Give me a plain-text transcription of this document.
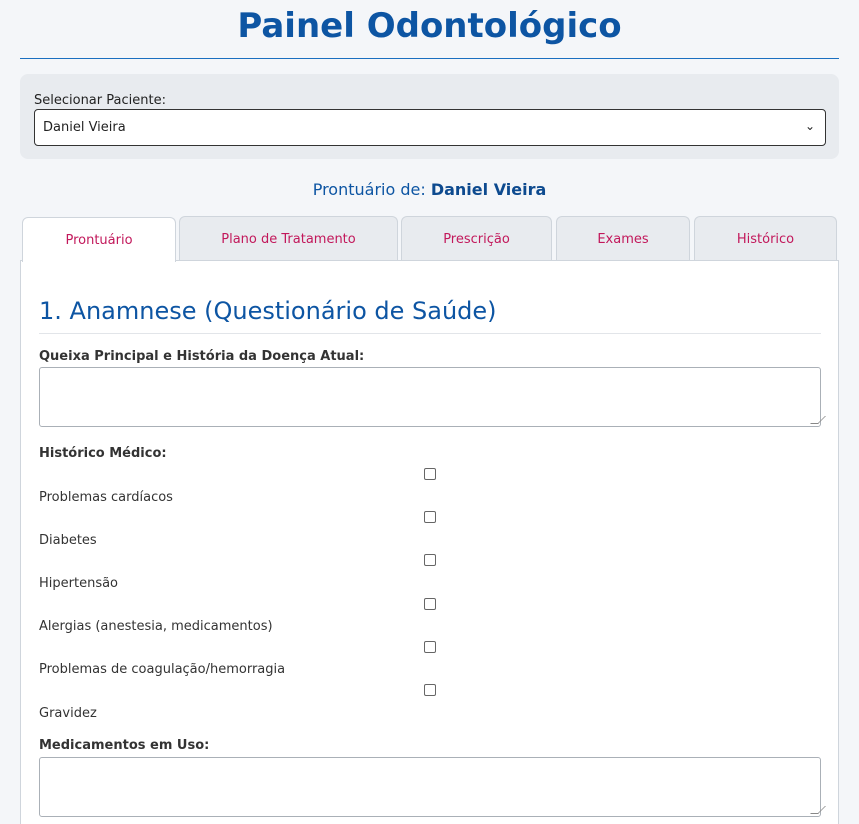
Painel Odontológico
Selecionar Paciente:
Daniel Vieira	⌄
Prontuário de: Daniel Vieira
Prontuário	Plano de Tratamento	Prescrição	Exames	Histórico
1. Anamnese (Questionário de Saúde)
Queixa Principal e História da Doença Atual:
Histórico Médico:
Problemas cardíacos
Diabetes
Hipertensão
Alergias (anestesia, medicamentos)
Problemas de coagulação/hemorragia
Gravidez
Medicamentos em Uso:
